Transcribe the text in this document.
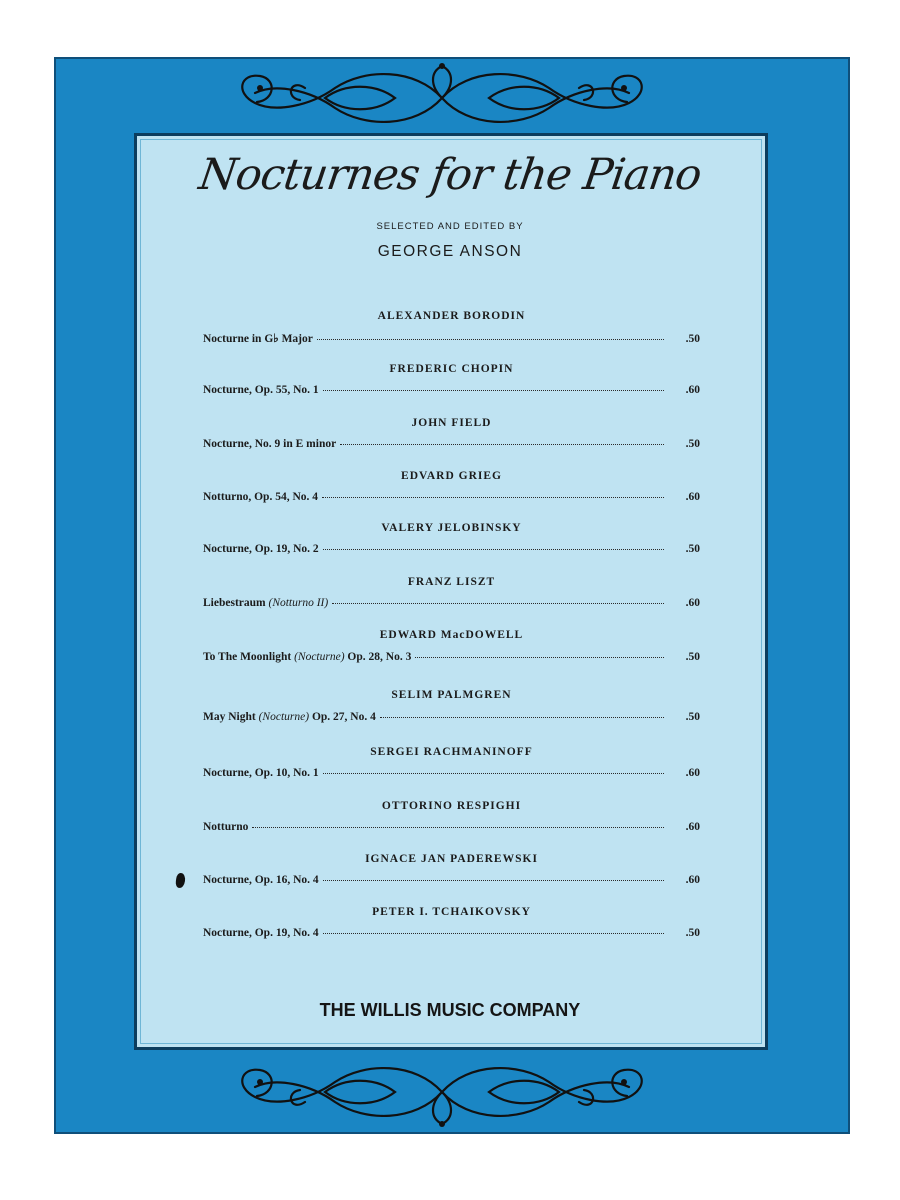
Nocturnes for the Piano
SELECTED AND EDITED BY
GEORGE ANSON
ALEXANDER BORODIN
Nocturne in G♭ Major	.50
FREDERIC CHOPIN
Nocturne, Op. 55, No. 1	.60
JOHN FIELD
Nocturne, No. 9 in E minor	.50
EDVARD GRIEG
Notturno, Op. 54, No. 4	.60
VALERY JELOBINSKY
Nocturne, Op. 19, No. 2	.50
FRANZ LISZT
Liebestraum (Notturno II)	.60
EDWARD MacDOWELL
To The Moonlight (Nocturne) Op. 28, No. 3	.50
SELIM PALMGREN
May Night (Nocturne) Op. 27, No. 4	.50
SERGEI RACHMANINOFF
Nocturne, Op. 10, No. 1	.60
OTTORINO RESPIGHI
Notturno	.60
IGNACE JAN PADEREWSKI
Nocturne, Op. 16, No. 4	.60
PETER I. TCHAIKOVSKY
Nocturne, Op. 19, No. 4	.50
THE WILLIS MUSIC COMPANY
